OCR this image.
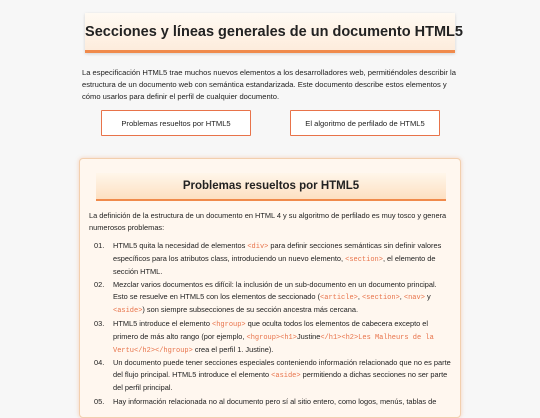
Secciones y líneas generales de un documento HTML5

La especificación HTML5 trae muchos nuevos elementos a los desarrolladores web, permitiéndoles describir la estructura de un documento web con semántica estandarizada. Este documento describe estos elementos y cómo usarlos para definir el perfil de cualquier documento.

Problemas resueltos por HTML5	El algoritmo de perfilado de HTML5
Problemas resueltos por HTML5

La definición de la estructura de un documento en HTML 4 y su algoritmo de perfilado es muy tosco y genera numerosos problemas:

01.	HTML5 quita la necesidad de elementos <div> para definir secciones semánticas sin definir valores específicos para los atributos class, introduciendo un nuevo elemento, <section>, el elemento de sección HTML.
02.	Mezclar varios documentos es difícil: la inclusión de un sub-documento en un documento principal. Esto se resuelve en HTML5 con los elementos de seccionado (<article>, <section>, <nav> y <aside>) son siempre subsecciones de su sección ancestra más cercana.
03.	HTML5 introduce el elemento <hgroup> que oculta todos los elementos de cabecera excepto el primero de más alto rango (por ejemplo, <hgroup><h1>Justine</h1><h2>Les Malheurs de la Vertu</h2></hgroup> crea el perfil 1. Justine).
04.	Un documento puede tener secciones especiales conteniendo información relacionado que no es parte del flujo principal. HTML5 introduce el elemento <aside> permitiendo a dichas secciones no ser parte del perfil principal.
05.	Hay información relacionada no al documento pero sí al sitio entero, como logos, menús, tablas de
